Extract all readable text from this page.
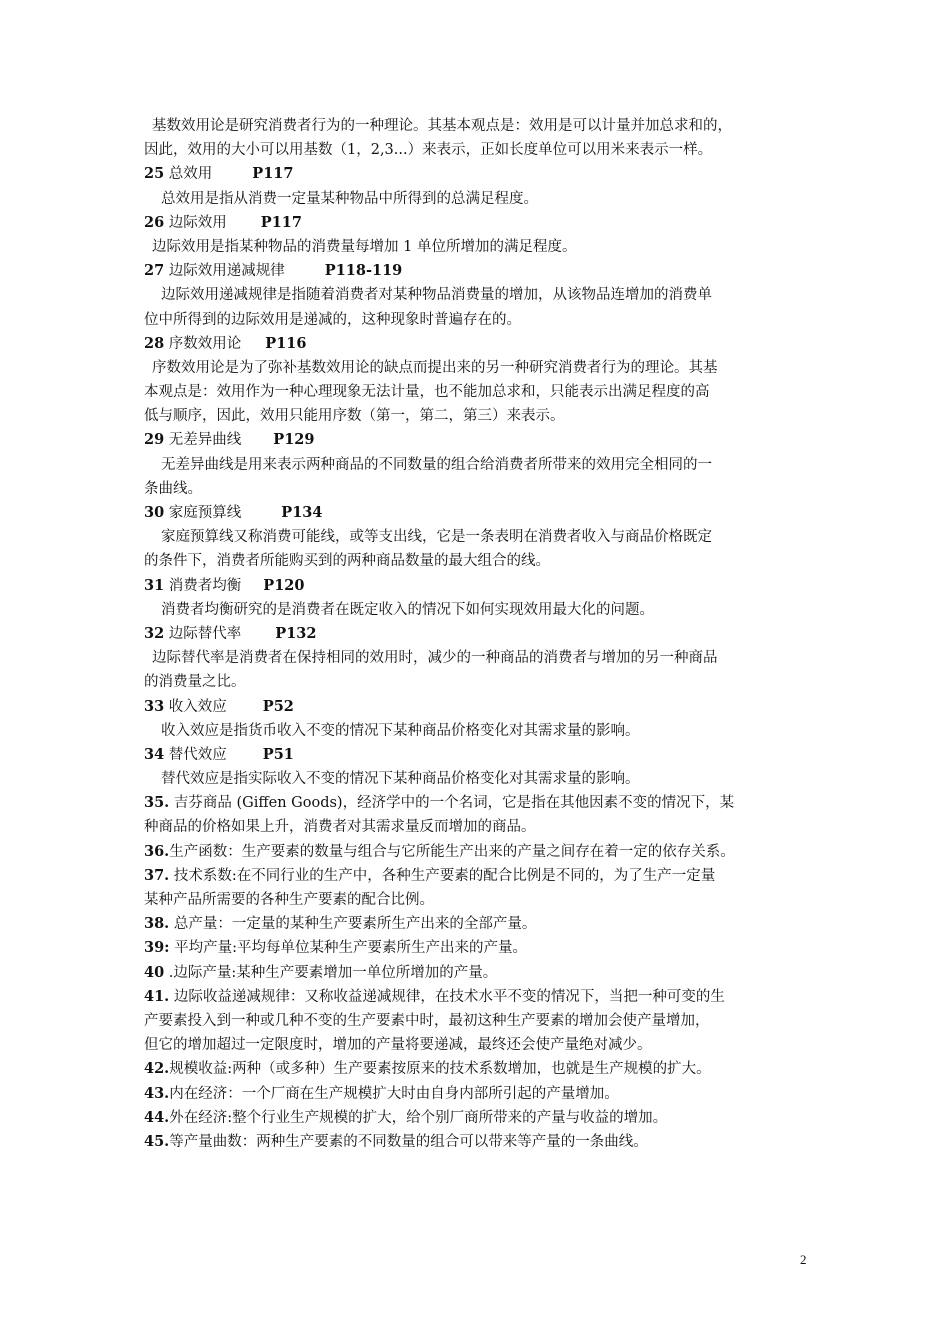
基数效用论是研究消费者行为的一种理论。其基本观点是：效用是可以计量并加总求和的，
因此，效用的大小可以用基数（1，2,3...）来表示，正如长度单位可以用米来表示一样。
25 总效用	P117
总效用是指从消费一定量某种物品中所得到的总满足程度。
26 边际效用 P117
边际效用是指某种物品的消费量每增加 1 单位所增加的满足程度。
27 边际效用递减规律	P118-119
边际效用递减规律是指随着消费者对某种物品消费量的增加，从该物品连增加的消费单
位中所得到的边际效用是递减的，这种现象时普遍存在的。
28 序数效用论 P116
序数效用论是为了弥补基数效用论的缺点而提出来的另一种研究消费者行为的理论。其基
本观点是：效用作为一种心理现象无法计量，也不能加总求和，只能表示出满足程度的高
低与顺序，因此，效用只能用序数（第一，第二，第三）来表示。
29 无差异曲线 P129
无差异曲线是用来表示两种商品的不同数量的组合给消费者所带来的效用完全相同的一
条曲线。
30 家庭预算线	P134
家庭预算线又称消费可能线，或等支出线，它是一条表明在消费者收入与商品价格既定
的条件下，消费者所能购买到的两种商品数量的最大组合的线。
31 消费者均衡 P120
消费者均衡研究的是消费者在既定收入的情况下如何实现效用最大化的问题。
32 边际替代率 P132
边际替代率是消费者在保持相同的效用时，减少的一种商品的消费者与增加的另一种商品
的消费量之比。
33 收入效应 P52
收入效应是指货币收入不变的情况下某种商品价格变化对其需求量的影响。
34 替代效应 P51
替代效应是指实际收入不变的情况下某种商品价格变化对其需求量的影响。
35. 吉芬商品 (Giffen Goods)，经济学中的一个名词，它是指在其他因素不变的情况下，某
种商品的价格如果上升，消费者对其需求量反而增加的商品。
36.生产函数：生产要素的数量与组合与它所能生产出来的产量之间存在着一定的依存关系。
37. 技术系数:在不同行业的生产中，各种生产要素的配合比例是不同的，为了生产一定量
某种产品所需要的各种生产要素的配合比例。
38. 总产量：一定量的某种生产要素所生产出来的全部产量。
39: 平均产量:平均每单位某种生产要素所生产出来的产量。
40 .边际产量:某种生产要素增加一单位所增加的产量。
41. 边际收益递减规律：又称收益递减规律，在技术水平不变的情况下，当把一种可变的生
产要素投入到一种或几种不变的生产要素中时，最初这种生产要素的增加会使产量增加，
但它的增加超过一定限度时，增加的产量将要递减，最终还会使产量绝对减少。
42.规模收益:两种（或多种）生产要素按原来的技术系数增加，也就是生产规模的扩大。
43.内在经济：一个厂商在生产规模扩大时由自身内部所引起的产量增加。
44.外在经济:整个行业生产规模的扩大，给个别厂商所带来的产量与收益的增加。
45.等产量曲数：两种生产要素的不同数量的组合可以带来等产量的一条曲线。
2
